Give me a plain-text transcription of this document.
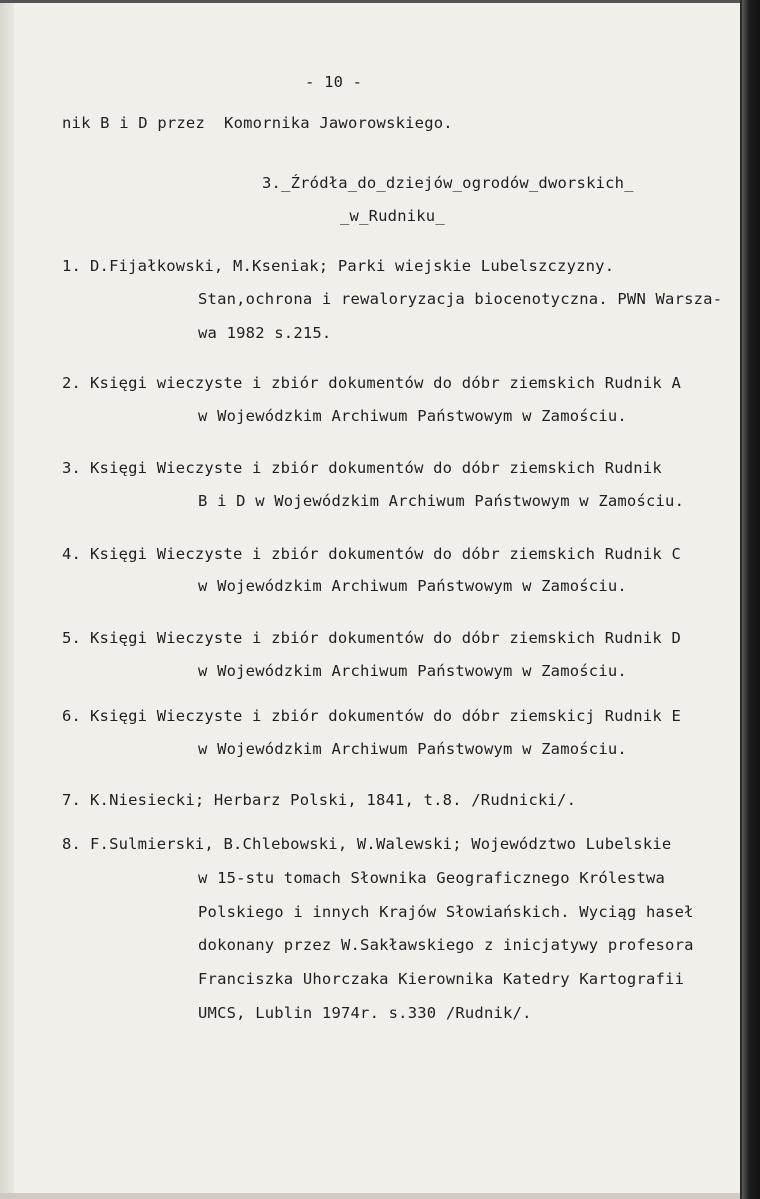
- 10 -
nik B i D przez  Komornika Jaworowskiego.
3._Źródła_do_dziejów_ogrodów_dworskich_
_w_Rudniku_
1. D.Fijałkowski, M.Kseniak; Parki wiejskie Lubelszczyzny.
Stan,ochrona i rewaloryzacja biocenotyczna. PWN Warsza-
wa 1982 s.215.
2. Księgi wieczyste i zbiór dokumentów do dóbr ziemskich Rudnik A
w Wojewódzkim Archiwum Państwowym w Zamościu.
3. Księgi Wieczyste i zbiór dokumentów do dóbr ziemskich Rudnik
B i D w Wojewódzkim Archiwum Państwowym w Zamościu.
4. Księgi Wieczyste i zbiór dokumentów do dóbr ziemskich Rudnik C
w Wojewódzkim Archiwum Państwowym w Zamościu.
5. Księgi Wieczyste i zbiór dokumentów do dóbr ziemskich Rudnik D
w Wojewódzkim Archiwum Państwowym w Zamościu.
6. Księgi Wieczyste i zbiór dokumentów do dóbr ziemskicj Rudnik E
w Wojewódzkim Archiwum Państwowym w Zamościu.
7. K.Niesiecki; Herbarz Polski, 1841, t.8. /Rudnicki/.
8. F.Sulmierski, B.Chlebowski, W.Walewski; Województwo Lubelskie
w 15-stu tomach Słownika Geograficznego Królestwa
Polskiego i innych Krajów Słowiańskich. Wyciąg haseł
dokonany przez W.Sakławskiego z inicjatywy profesora
Franciszka Uhorczaka Kierownika Katedry Kartografii
UMCS, Lublin 1974r. s.330 /Rudnik/.
